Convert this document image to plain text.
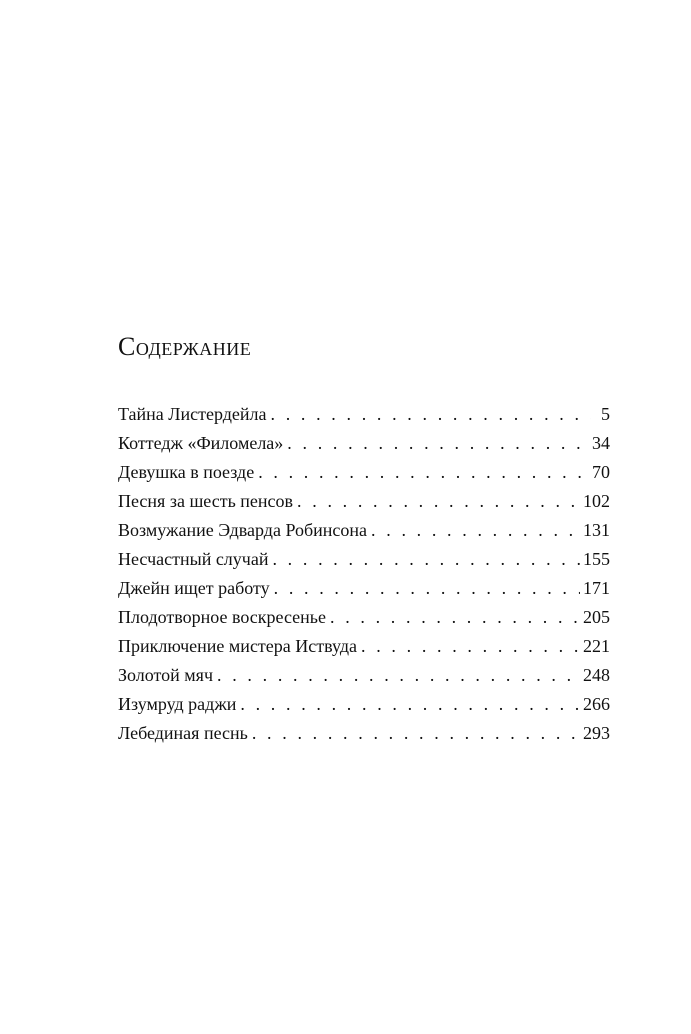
Содержание
Тайна Листердейла . . .	5
Коттедж «Филомела» . . .	34
Девушка в поезде . . .	70
Песня за шесть пенсов . . .	102
Возмужание Эдварда Робинсона . . .	131
Несчастный случай . . .	155
Джейн ищет работу . . .	171
Плодотворное воскресенье . . .	205
Приключение мистера Иствуда . . .	221
Золотой мяч . . .	248
Изумруд раджи . . .	266
Лебединая песнь . . .	293
